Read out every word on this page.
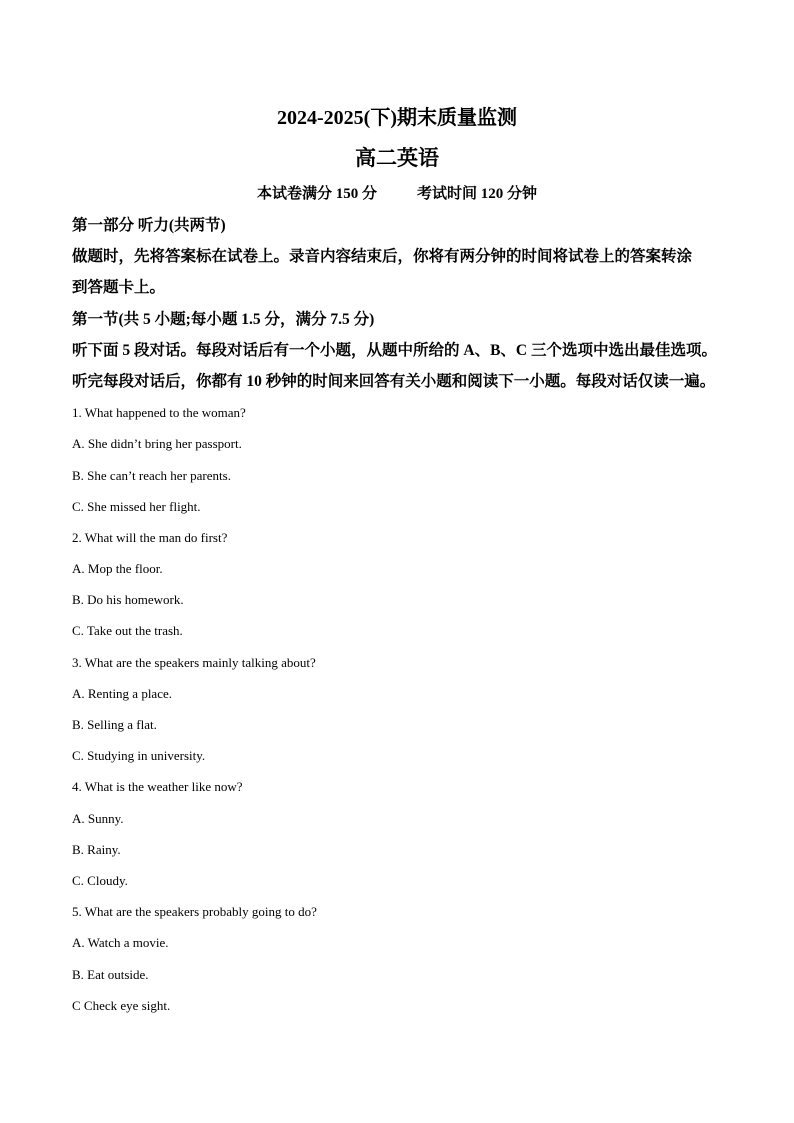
2024-2025(下)期末质量监测
高二英语
本试卷满分 150 分	考试时间 120 分钟
第一部分 听力(共两节)
做题时，先将答案标在试卷上。录音内容结束后，你将有两分钟的时间将试卷上的答案转涂
到答题卡上。
第一节(共 5 小题;每小题 1.5 分，满分 7.5 分)
听下面 5 段对话。每段对话后有一个小题，从题中所给的 A、B、C 三个选项中选出最佳选项。
听完每段对话后，你都有 10 秒钟的时间来回答有关小题和阅读下一小题。每段对话仅读一遍。
1. What happened to the woman?
A. She didn’t bring her passport.
B. She can’t reach her parents.
C. She missed her flight.
2. What will the man do first?
A. Mop the floor.
B. Do his homework.
C. Take out the trash.
3. What are the speakers mainly talking about?
A. Renting a place.
B. Selling a flat.
C. Studying in university.
4. What is the weather like now?
A. Sunny.
B. Rainy.
C. Cloudy.
5. What are the speakers probably going to do?
A. Watch a movie.
B. Eat outside.
C Check eye sight.
